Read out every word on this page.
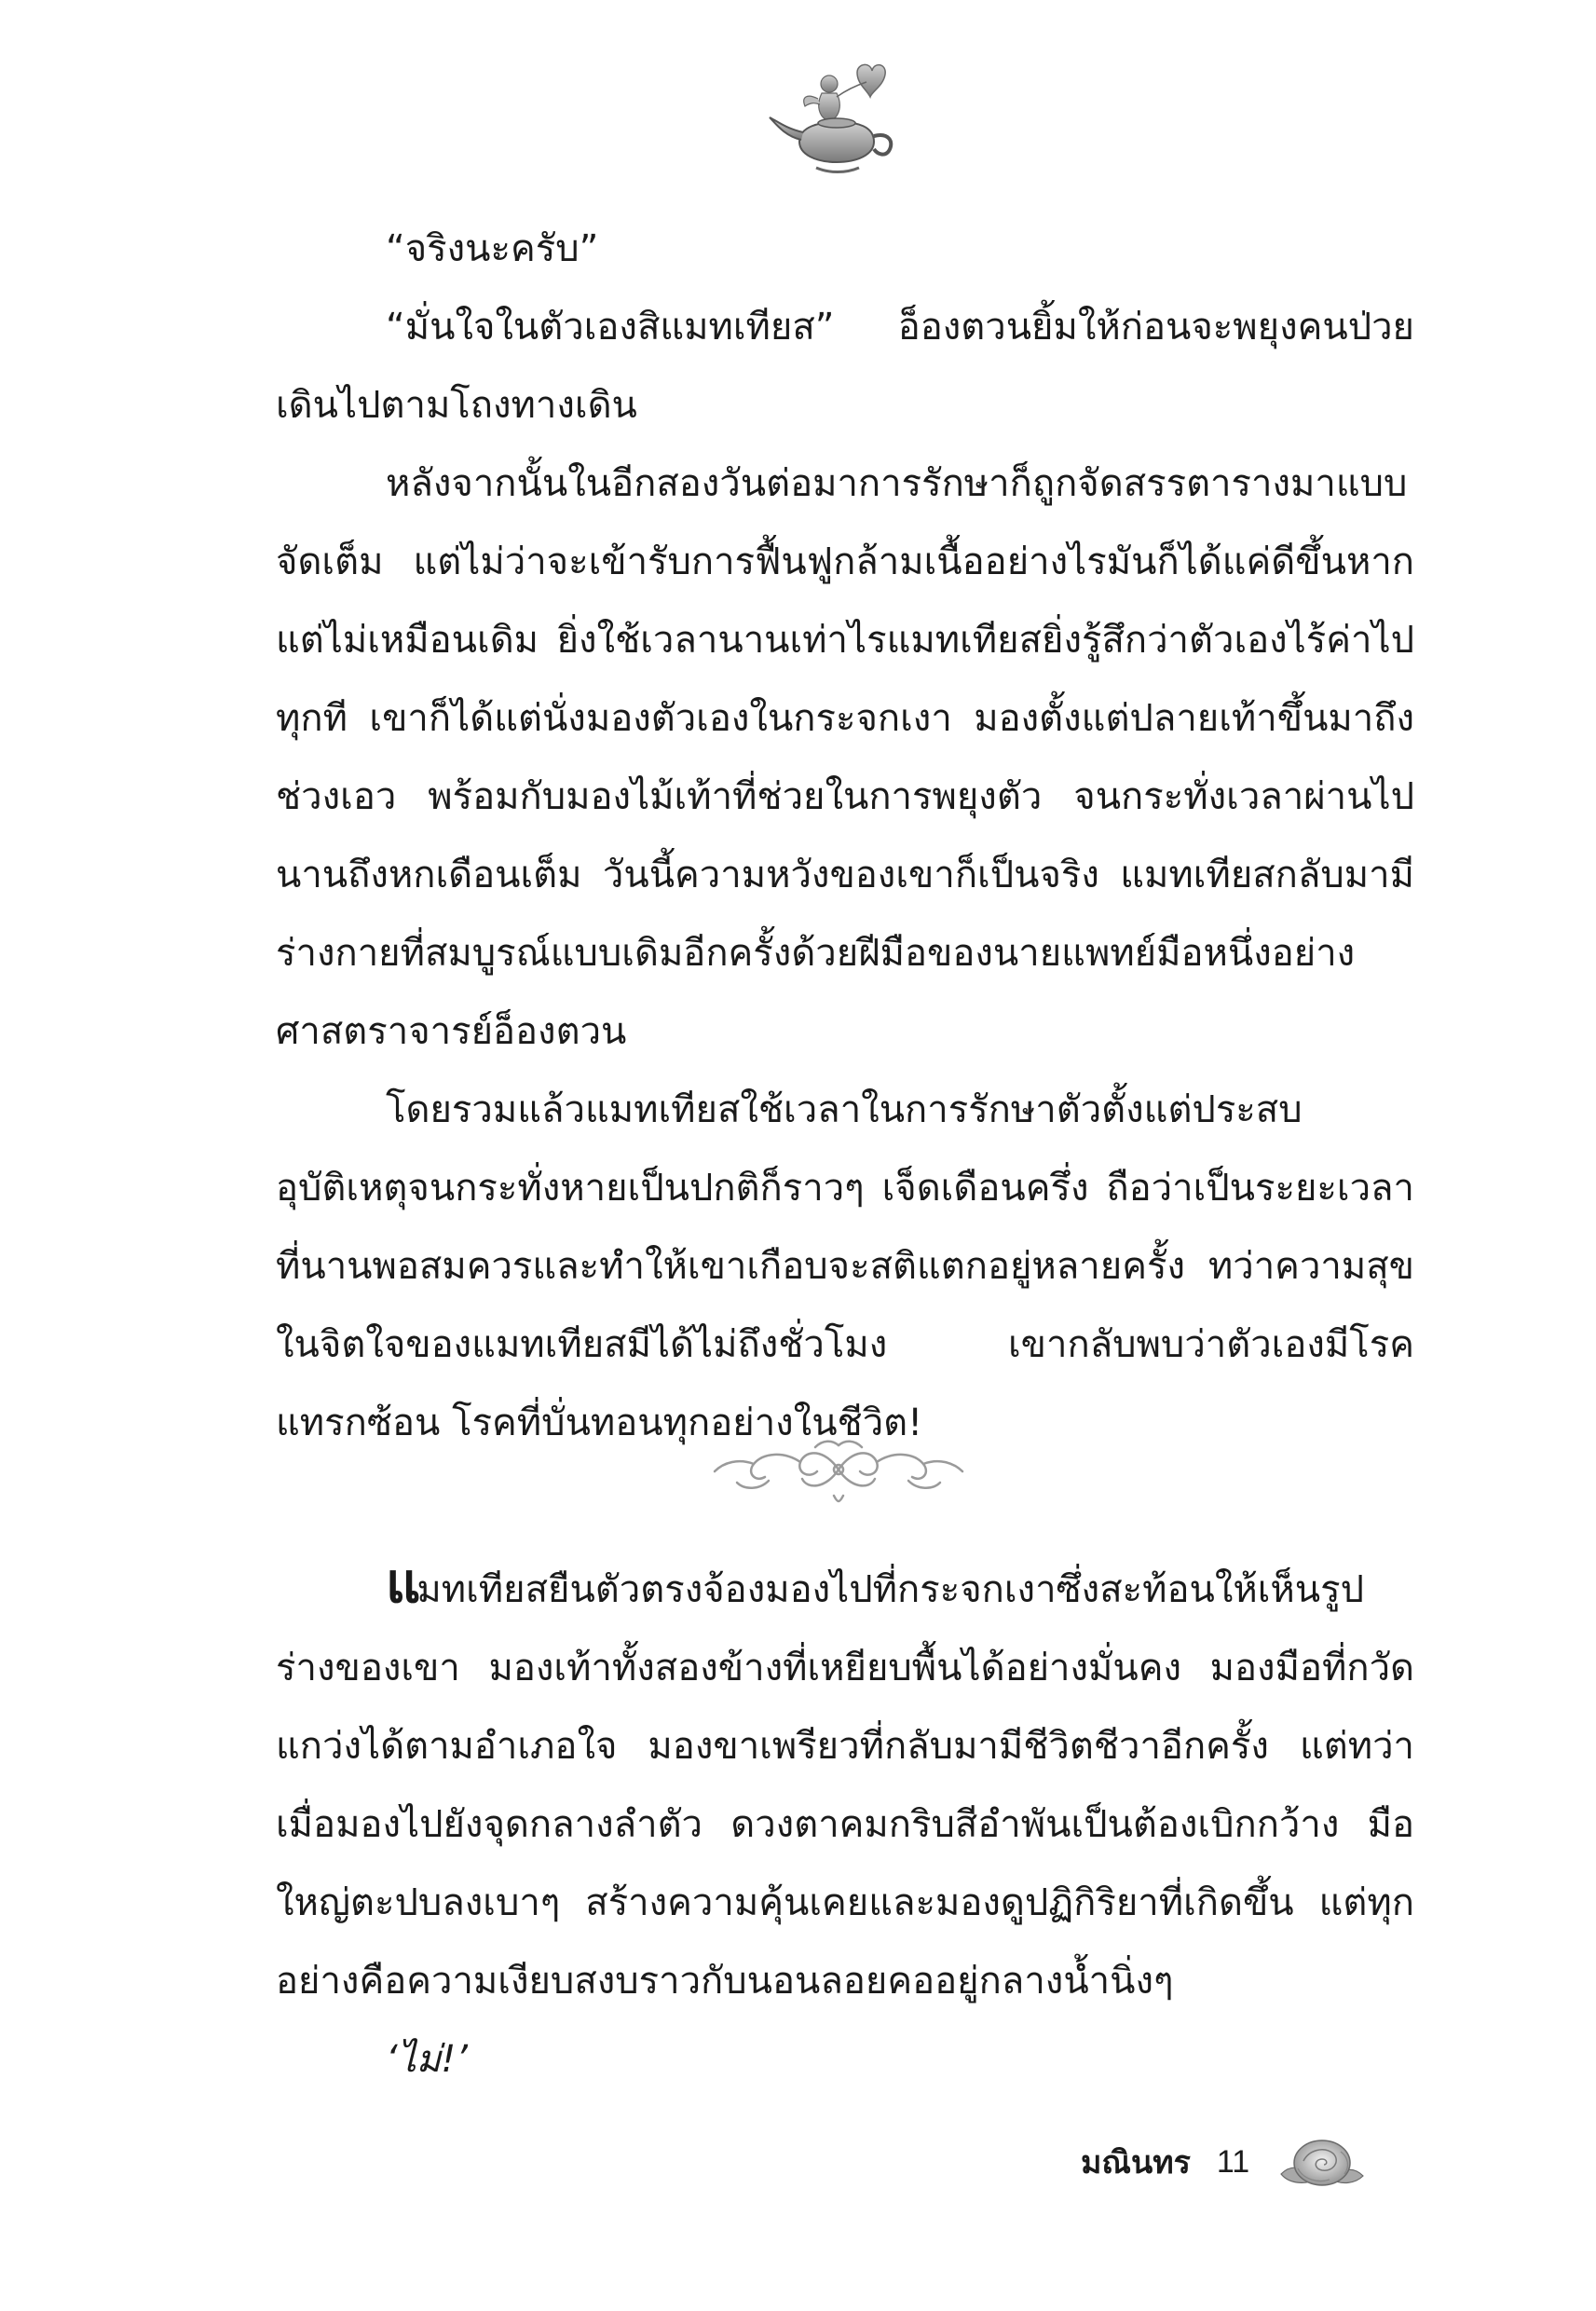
“จริงนะครับ”

“มั่นใจในตัวเองสิแมทเทียส” อ็องตวนยิ้มให้ก่อนจะพยุงคนป่วยเดินไปตามโถงทางเดิน

หลังจากนั้นในอีกสองวันต่อมาการรักษาก็ถูกจัดสรรตารางมาแบบจัดเต็ม แต่ไม่ว่าจะเข้ารับการฟื้นฟูกล้ามเนื้ออย่างไรมันก็ได้แค่ดีขึ้นหากแต่ไม่เหมือนเดิม ยิ่งใช้เวลานานเท่าไรแมทเทียสยิ่งรู้สึกว่าตัวเองไร้ค่าไปทุกที เขาก็ได้แต่นั่งมองตัวเองในกระจกเงา มองตั้งแต่ปลายเท้าขึ้นมาถึงช่วงเอว พร้อมกับมองไม้เท้าที่ช่วยในการพยุงตัว จนกระทั่งเวลาผ่านไปนานถึงหกเดือนเต็ม วันนี้ความหวังของเขาก็เป็นจริง แมทเทียสกลับมามีร่างกายที่สมบูรณ์แบบเดิมอีกครั้งด้วยฝีมือของนายแพทย์มือหนึ่งอย่างศาสตราจารย์อ็องตวน

โดยรวมแล้วแมทเทียสใช้เวลาในการรักษาตัวตั้งแต่ประสบอุบัติเหตุจนกระทั่งหายเป็นปกติก็ราวๆ เจ็ดเดือนครึ่ง ถือว่าเป็นระยะเวลาที่นานพอสมควรและทำให้เขาเกือบจะสติแตกอยู่หลายครั้ง ทว่าความสุขในจิตใจของแมทเทียสมีได้ไม่ถึงชั่วโมง เขากลับพบว่าตัวเองมีโรคแทรกซ้อน โรคที่บั่นทอนทุกอย่างในชีวิต!

แมทเทียสยืนตัวตรงจ้องมองไปที่กระจกเงาซึ่งสะท้อนให้เห็นรูปร่างของเขา มองเท้าทั้งสองข้างที่เหยียบพื้นได้อย่างมั่นคง มองมือที่กวัดแกว่งได้ตามอำเภอใจ มองขาเพรียวที่กลับมามีชีวิตชีวาอีกครั้ง แต่ทว่าเมื่อมองไปยังจุดกลางลำตัว ดวงตาคมกริบสีอำพันเป็นต้องเบิกกว้าง มือใหญ่ตะปบลงเบาๆ สร้างความคุ้นเคยและมองดูปฏิกิริยาที่เกิดขึ้น แต่ทุกอย่างคือความเงียบสงบราวกับนอนลอยคออยู่กลางน้ำนิ่งๆ

‘ไม่!’

มณินทร 11
